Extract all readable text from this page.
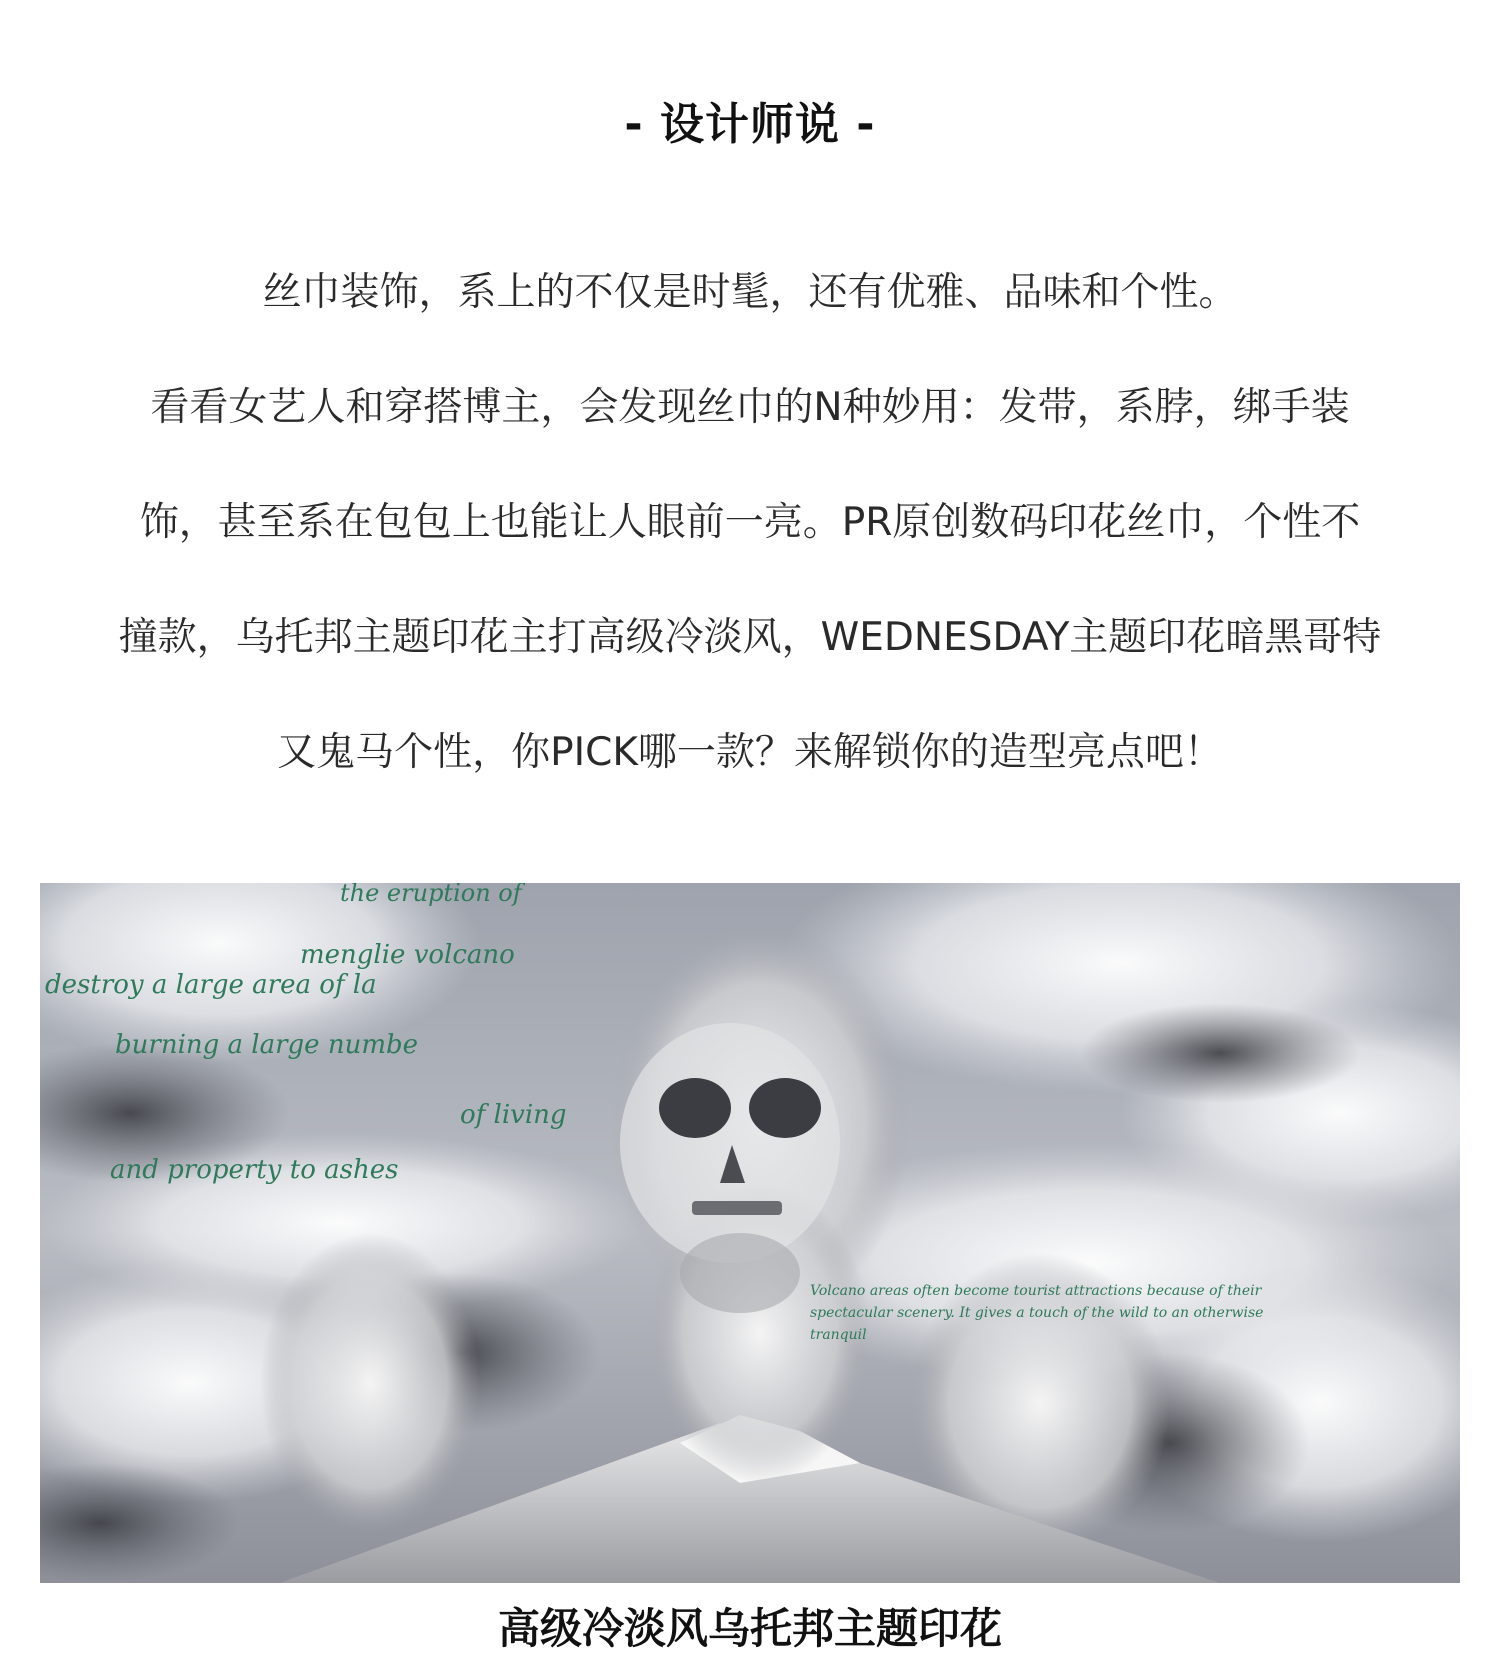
- 设计师说 -
丝巾装饰，系上的不仅是时髦，还有优雅、品味和个性。
看看女艺人和穿搭博主，会发现丝巾的N种妙用：发带，系脖，绑手装
饰，甚至系在包包上也能让人眼前一亮。PR原创数码印花丝巾，个性不
撞款，乌托邦主题印花主打高级冷淡风，WEDNESDAY主题印花暗黑哥特
又鬼马个性，你PICK哪一款？来解锁你的造型亮点吧！
the eruption of
menglie volcano
destroy a large area of la
burning a large numbe
of living
and property to ashes
Volcano areas often become tourist attractions because of their
spectacular scenery. It gives a touch of the wild to an otherwise
tranquil
高级冷淡风乌托邦主题印花
